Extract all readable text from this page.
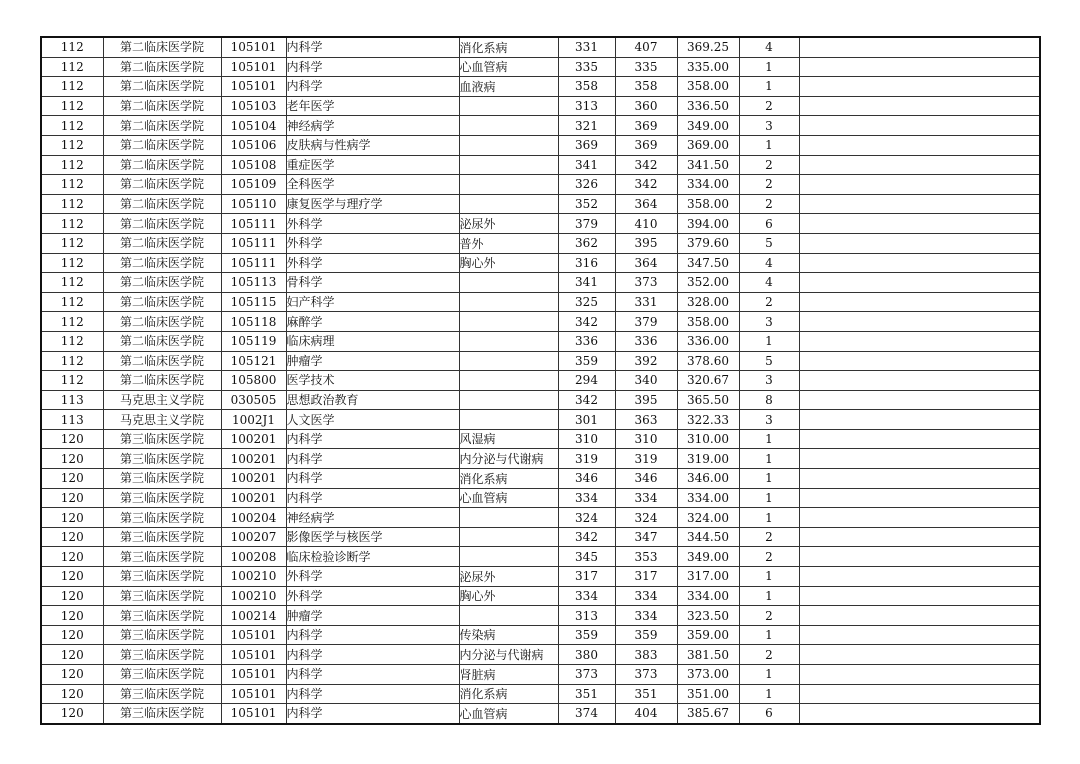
112	第二临床医学院	105101	内科学	消化系病	331	407	369.25	4	
112	第二临床医学院	105101	内科学	心血管病	335	335	335.00	1	
112	第二临床医学院	105101	内科学	血液病	358	358	358.00	1	
112	第二临床医学院	105103	老年医学		313	360	336.50	2	
112	第二临床医学院	105104	神经病学		321	369	349.00	3	
112	第二临床医学院	105106	皮肤病与性病学		369	369	369.00	1	
112	第二临床医学院	105108	重症医学		341	342	341.50	2	
112	第二临床医学院	105109	全科医学		326	342	334.00	2	
112	第二临床医学院	105110	康复医学与理疗学		352	364	358.00	2	
112	第二临床医学院	105111	外科学	泌尿外	379	410	394.00	6	
112	第二临床医学院	105111	外科学	普外	362	395	379.60	5	
112	第二临床医学院	105111	外科学	胸心外	316	364	347.50	4	
112	第二临床医学院	105113	骨科学		341	373	352.00	4	
112	第二临床医学院	105115	妇产科学		325	331	328.00	2	
112	第二临床医学院	105118	麻醉学		342	379	358.00	3	
112	第二临床医学院	105119	临床病理		336	336	336.00	1	
112	第二临床医学院	105121	肿瘤学		359	392	378.60	5	
112	第二临床医学院	105800	医学技术		294	340	320.67	3	
113	马克思主义学院	030505	思想政治教育		342	395	365.50	8	
113	马克思主义学院	1002J1	人文医学		301	363	322.33	3	
120	第三临床医学院	100201	内科学	风湿病	310	310	310.00	1	
120	第三临床医学院	100201	内科学	内分泌与代谢病	319	319	319.00	1	
120	第三临床医学院	100201	内科学	消化系病	346	346	346.00	1	
120	第三临床医学院	100201	内科学	心血管病	334	334	334.00	1	
120	第三临床医学院	100204	神经病学		324	324	324.00	1	
120	第三临床医学院	100207	影像医学与核医学		342	347	344.50	2	
120	第三临床医学院	100208	临床检验诊断学		345	353	349.00	2	
120	第三临床医学院	100210	外科学	泌尿外	317	317	317.00	1	
120	第三临床医学院	100210	外科学	胸心外	334	334	334.00	1	
120	第三临床医学院	100214	肿瘤学		313	334	323.50	2	
120	第三临床医学院	105101	内科学	传染病	359	359	359.00	1	
120	第三临床医学院	105101	内科学	内分泌与代谢病	380	383	381.50	2	
120	第三临床医学院	105101	内科学	肾脏病	373	373	373.00	1	
120	第三临床医学院	105101	内科学	消化系病	351	351	351.00	1	
120	第三临床医学院	105101	内科学	心血管病	374	404	385.67	6	
